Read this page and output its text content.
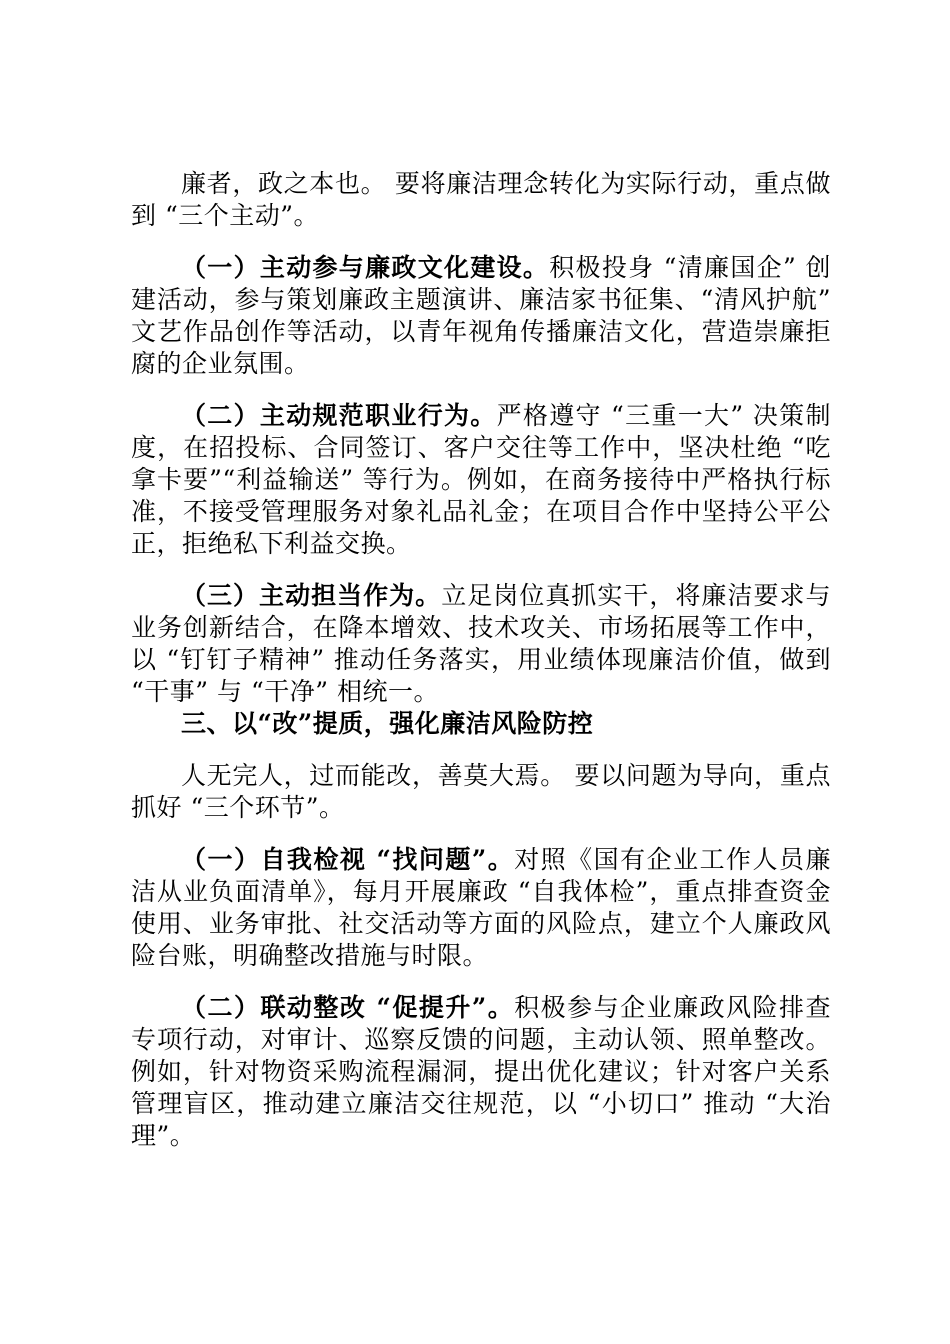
廉者，政之本也。 要将廉洁理念转化为实际行动，重点做到 “三个主动”。

（一）主动参与廉政文化建设。积极投身 “清廉国企” 创建活动，参与策划廉政主题演讲、廉洁家书征集、“清风护航” 文艺作品创作等活动，以青年视角传播廉洁文化，营造崇廉拒腐的企业氛围。

（二）主动规范职业行为。严格遵守 “三重一大” 决策制度，在招投标、合同签订、客户交往等工作中，坚决杜绝 “吃拿卡要”“利益输送” 等行为。例如，在商务接待中严格执行标准，不接受管理服务对象礼品礼金；在项目合作中坚持公平公正，拒绝私下利益交换。

（三）主动担当作为。立足岗位真抓实干，将廉洁要求与业务创新结合，在降本增效、技术攻关、市场拓展等工作中，以 “钉钉子精神” 推动任务落实，用业绩体现廉洁价值，做到 “干事” 与 “干净” 相统一。

三、以“改”提质，强化廉洁风险防控

人无完人，过而能改，善莫大焉。 要以问题为导向，重点抓好 “三个环节”。

（一）自我检视 “找问题”。对照《国有企业工作人员廉洁从业负面清单》，每月开展廉政 “自我体检”，重点排查资金使用、业务审批、社交活动等方面的风险点，建立个人廉政风险台账，明确整改措施与时限。

（二）联动整改 “促提升”。积极参与企业廉政风险排查专项行动，对审计、巡察反馈的问题，主动认领、照单整改。例如，针对物资采购流程漏洞，提出优化建议；针对客户关系管理盲区，推动建立廉洁交往规范，以 “小切口” 推动 “大治理”。
